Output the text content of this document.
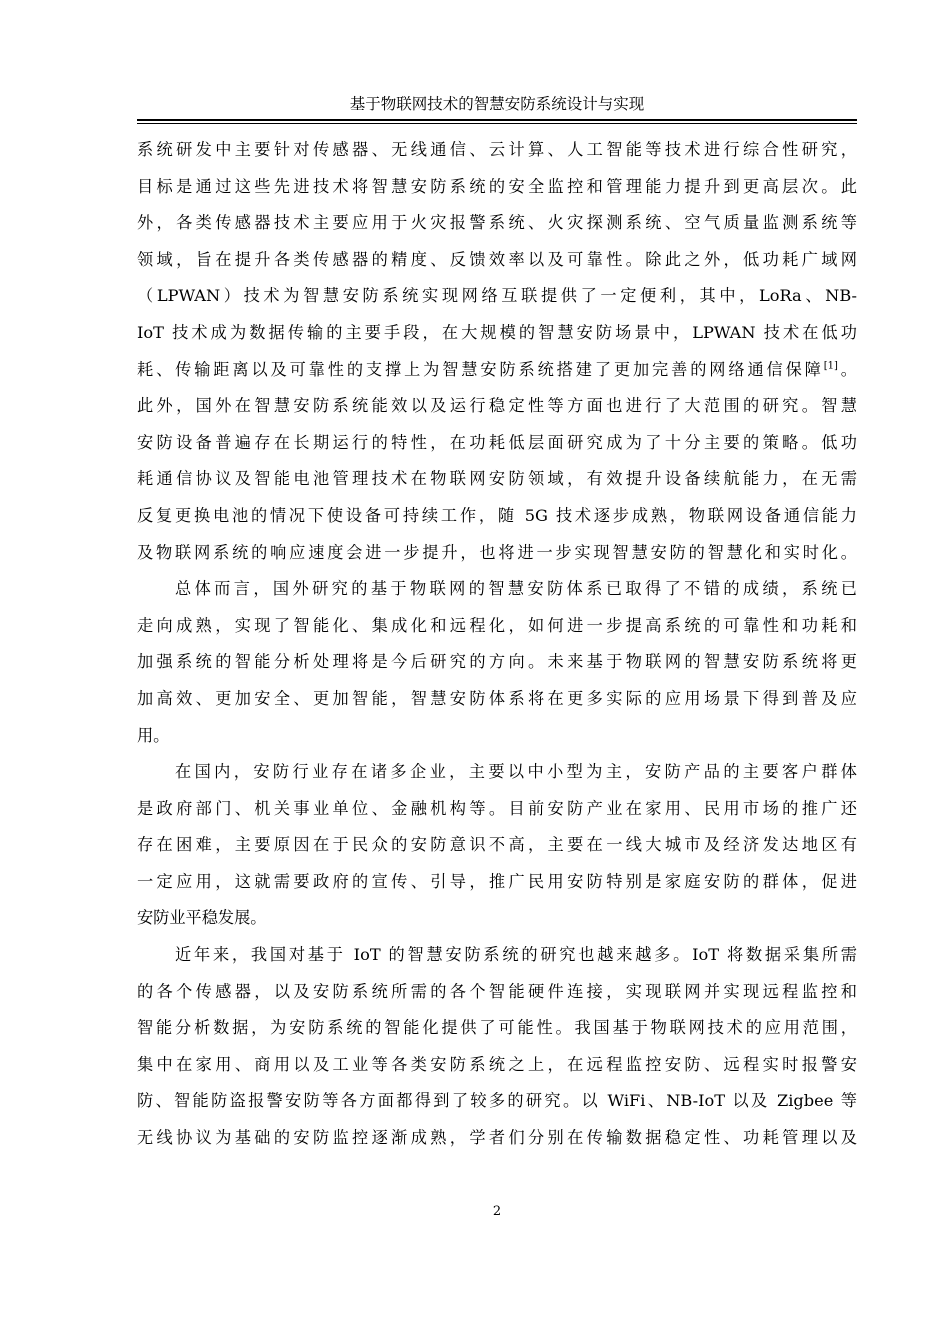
基于物联网技术的智慧安防系统设计与实现
系统研发中主要针对传感器、无线通信、云计算、人工智能等技术进行综合性研究，
目标是通过这些先进技术将智慧安防系统的安全监控和管理能力提升到更高层次。此
外，各类传感器技术主要应用于火灾报警系统、火灾探测系统、空气质量监测系统等
领域，旨在提升各类传感器的精度、反馈效率以及可靠性。除此之外，低功耗广域网
（LPWAN）技术为智慧安防系统实现网络互联提供了一定便利，其中，LoRa、NB-
IoT 技术成为数据传输的主要手段，在大规模的智慧安防场景中，LPWAN 技术在低功
耗、传输距离以及可靠性的支撑上为智慧安防系统搭建了更加完善的网络通信保障[1]。
此外，国外在智慧安防系统能效以及运行稳定性等方面也进行了大范围的研究。智慧
安防设备普遍存在长期运行的特性，在功耗低层面研究成为了十分主要的策略。低功
耗通信协议及智能电池管理技术在物联网安防领域，有效提升设备续航能力，在无需
反复更换电池的情况下使设备可持续工作，随 5G 技术逐步成熟，物联网设备通信能力
及物联网系统的响应速度会进一步提升，也将进一步实现智慧安防的智慧化和实时化。
总体而言，国外研究的基于物联网的智慧安防体系已取得了不错的成绩，系统已
走向成熟，实现了智能化、集成化和远程化，如何进一步提高系统的可靠性和功耗和
加强系统的智能分析处理将是今后研究的方向。未来基于物联网的智慧安防系统将更
加高效、更加安全、更加智能，智慧安防体系将在更多实际的应用场景下得到普及应
用。
在国内，安防行业存在诸多企业，主要以中小型为主，安防产品的主要客户群体
是政府部门、机关事业单位、金融机构等。目前安防产业在家用、民用市场的推广还
存在困难，主要原因在于民众的安防意识不高，主要在一线大城市及经济发达地区有
一定应用，这就需要政府的宣传、引导，推广民用安防特别是家庭安防的群体，促进
安防业平稳发展。
近年来，我国对基于 IoT 的智慧安防系统的研究也越来越多。IoT 将数据采集所需
的各个传感器，以及安防系统所需的各个智能硬件连接，实现联网并实现远程监控和
智能分析数据，为安防系统的智能化提供了可能性。我国基于物联网技术的应用范围，
集中在家用、商用以及工业等各类安防系统之上，在远程监控安防、远程实时报警安
防、智能防盗报警安防等各方面都得到了较多的研究。以 WiFi、NB-IoT 以及 Zigbee 等
无线协议为基础的安防监控逐渐成熟，学者们分别在传输数据稳定性、功耗管理以及
2
